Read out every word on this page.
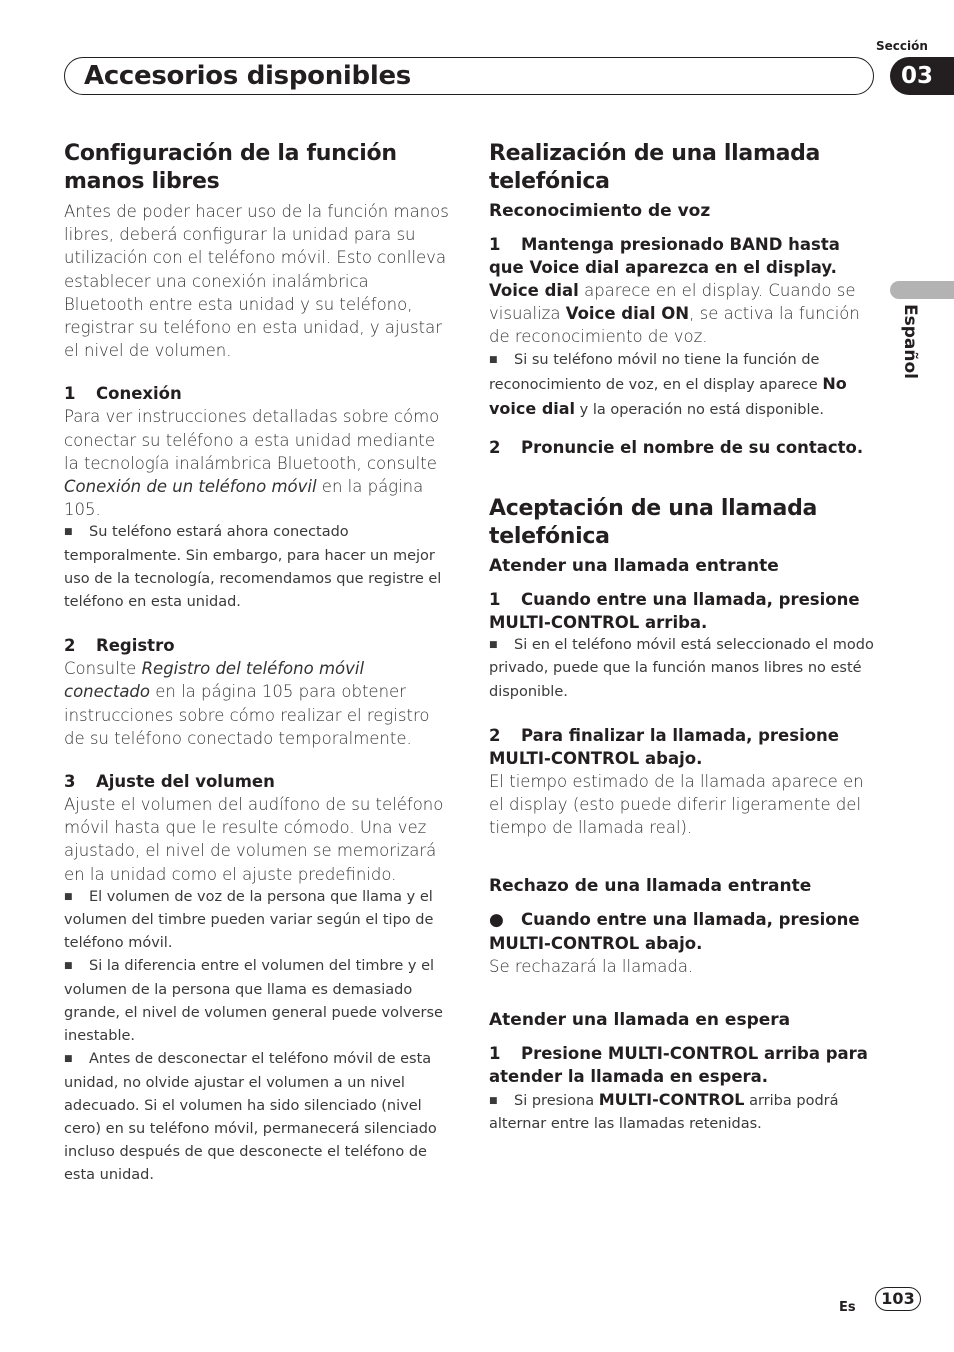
Accesorios disponibles
Sección
03
Español
Configuración de la función manos libres

Antes de poder hacer uso de la función manos libres, deberá configurar la unidad para su utilización con el teléfono móvil. Esto conlleva establecer una conexión inalámbrica Bluetooth entre esta unidad y su teléfono, registrar su teléfono en esta unidad, y ajustar el nivel de volumen.

1 Conexión

Para ver instrucciones detalladas sobre cómo conectar su teléfono a esta unidad mediante la tecnología inalámbrica Bluetooth, consulte Conexión de un teléfono móvil en la página 105.

■ Su teléfono estará ahora conectado temporalmente. Sin embargo, para hacer un mejor uso de la tecnología, recomendamos que registre el teléfono en esta unidad.
2 Registro

Consulte Registro del teléfono móvil conectado en la página 105 para obtener instrucciones sobre cómo realizar el registro de su teléfono conectado temporalmente.

3 Ajuste del volumen

Ajuste el volumen del audífono de su teléfono móvil hasta que le resulte cómodo. Una vez ajustado, el nivel de volumen se memorizará en la unidad como el ajuste predefinido.

■ El volumen de voz de la persona que llama y el volumen del timbre pueden variar según el tipo de teléfono móvil.
■ Si la diferencia entre el volumen del timbre y el volumen de la persona que llama es demasiado grande, el nivel de volumen general puede volverse inestable.
■ Antes de desconectar el teléfono móvil de esta unidad, no olvide ajustar el volumen a un nivel adecuado. Si el volumen ha sido silenciado (nivel cero) en su teléfono móvil, permanecerá silenciado incluso después de que desconecte el teléfono de esta unidad.
Realización de una llamada telefónica
Reconocimiento de voz
1 Mantenga presionado BAND hasta que Voice dial aparezca en el display.

Voice dial aparece en el display. Cuando se visualiza Voice dial ON, se activa la función de reconocimiento de voz.

■ Si su teléfono móvil no tiene la función de reconocimiento de voz, en el display aparece No voice dial y la operación no está disponible.
2 Pronuncie el nombre de su contacto.
Aceptación de una llamada telefónica
Atender una llamada entrante
1 Cuando entre una llamada, presione MULTI-CONTROL arriba.
■ Si en el teléfono móvil está seleccionado el modo privado, puede que la función manos libres no esté disponible.
2 Para finalizar la llamada, presione MULTI-CONTROL abajo.

El tiempo estimado de la llamada aparece en el display (esto puede diferir ligeramente del tiempo de llamada real).

Rechazo de una llamada entrante
● Cuando entre una llamada, presione MULTI-CONTROL abajo.

Se rechazará la llamada.

Atender una llamada en espera
1 Presione MULTI-CONTROL arriba para atender la llamada en espera.
■ Si presiona MULTI-CONTROL arriba podrá alternar entre las llamadas retenidas.
Es	103
